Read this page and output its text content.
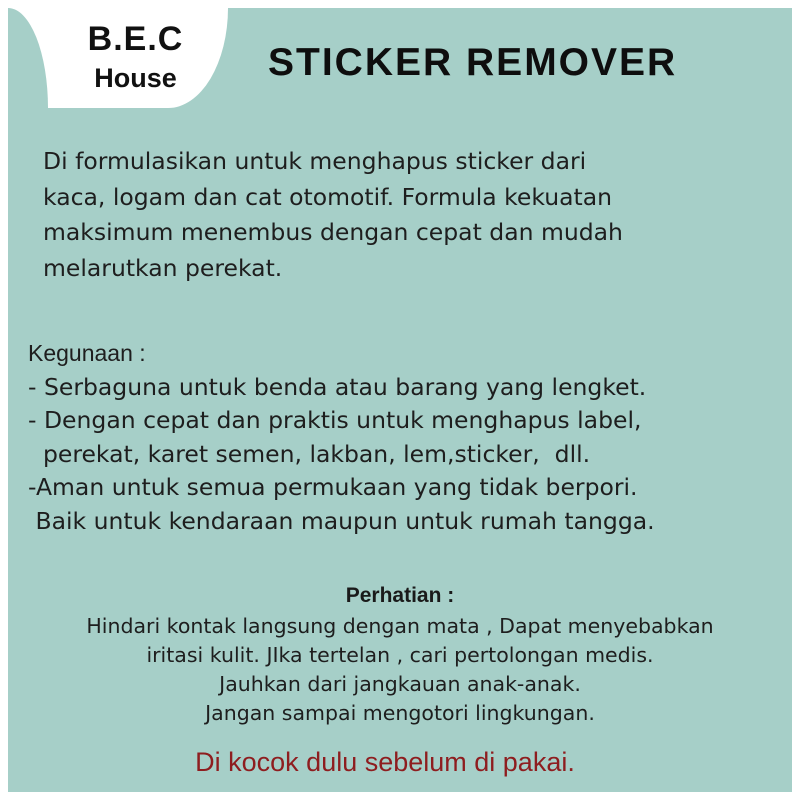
B.E.C
House	STICKER REMOVER
Di formulasikan untuk menghapus sticker dari
kaca, logam dan cat otomotif. Formula kekuatan
maksimum menembus dengan cepat dan mudah
melarutkan perekat.
Kegunaan :
- Serbaguna untuk benda atau barang yang lengket.
- Dengan cepat dan praktis untuk menghapus label,
perekat, karet semen, lakban, lem,sticker,  dll.
-Aman untuk semua permukaan yang tidak berpori.
Baik untuk kendaraan maupun untuk rumah tangga.
Perhatian :
Hindari kontak langsung dengan mata , Dapat menyebabkan
iritasi kulit. JIka tertelan , cari pertolongan medis.
Jauhkan dari jangkauan anak-anak.
Jangan sampai mengotori lingkungan.
Di kocok dulu sebelum di pakai.
